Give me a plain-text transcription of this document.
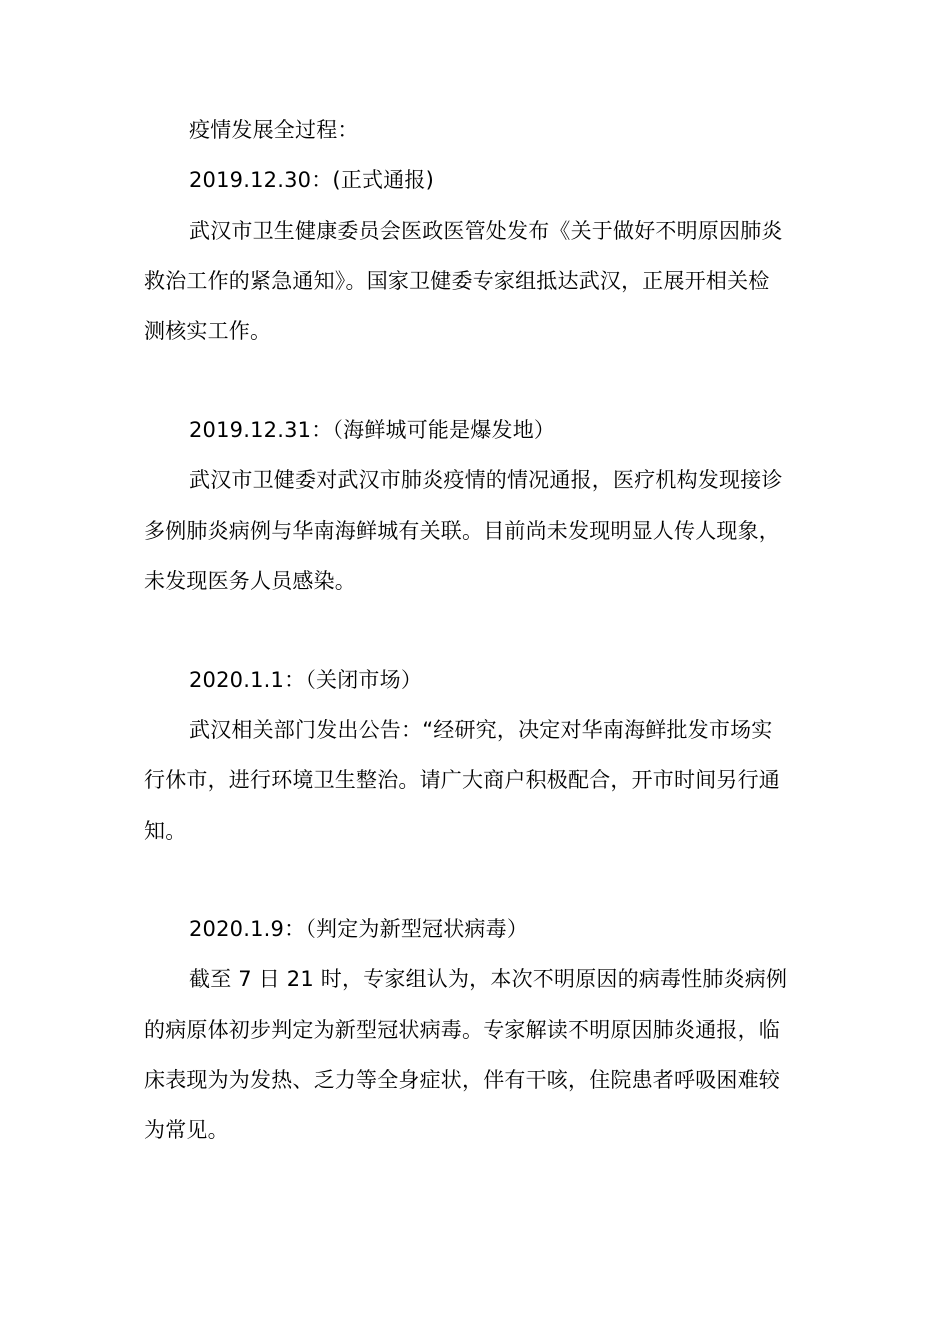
疫情发展全过程：
2019.12.30：(正式通报)
武汉市卫生健康委员会医政医管处发布《关于做好不明原因肺炎
救治工作的紧急通知》。国家卫健委专家组抵达武汉，正展开相关检
测核实工作。
2019.12.31：（海鲜城可能是爆发地）
武汉市卫健委对武汉市肺炎疫情的情况通报，医疗机构发现接诊
多例肺炎病例与华南海鲜城有关联。目前尚未发现明显人传人现象，
未发现医务人员感染。
2020.1.1：（关闭市场）
武汉相关部门发出公告：“经研究，决定对华南海鲜批发市场实
行休市，进行环境卫生整治。请广大商户积极配合，开市时间另行通
知。
2020.1.9：（判定为新型冠状病毒）
截至 7 日 21 时，专家组认为，本次不明原因的病毒性肺炎病例
的病原体初步判定为新型冠状病毒。专家解读不明原因肺炎通报，临
床表现为为发热、乏力等全身症状，伴有干咳，住院患者呼吸困难较
为常见。
